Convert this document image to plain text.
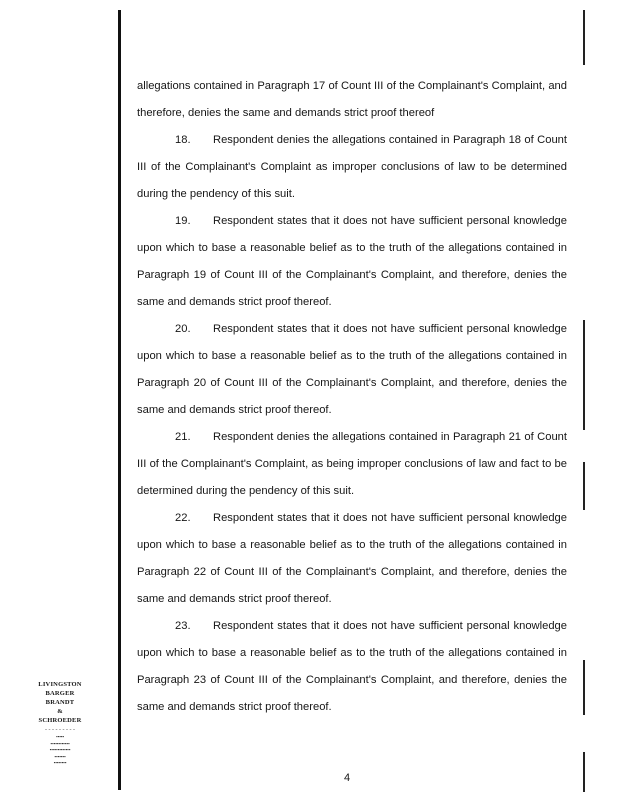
allegations contained in Paragraph 17 of Count III of the Complainant's Complaint, and therefore, denies the same and demands strict proof thereof

18. Respondent denies the allegations contained in Paragraph 18 of Count III of the Complainant's Complaint as improper conclusions of law to be determined during the pendency of this suit.

19. Respondent states that it does not have sufficient personal knowledge upon which to base a reasonable belief as to the truth of the allegations contained in Paragraph 19 of Count III of the Complainant's Complaint, and therefore, denies the same and demands strict proof thereof.

20. Respondent states that it does not have sufficient personal knowledge upon which to base a reasonable belief as to the truth of the allegations contained in Paragraph 20 of Count III of the Complainant's Complaint, and therefore, denies the same and demands strict proof thereof.

21. Respondent denies the allegations contained in Paragraph 21 of Count III of the Complainant's Complaint, as being improper conclusions of law and fact to be determined during the pendency of this suit.

22. Respondent states that it does not have sufficient personal knowledge upon which to base a reasonable belief as to the truth of the allegations contained in Paragraph 22 of Count III of the Complainant's Complaint, and therefore, denies the same and demands strict proof thereof.

23. Respondent states that it does not have sufficient personal knowledge upon which to base a reasonable belief as to the truth of the allegations contained in Paragraph 23 of Count III of the Complainant's Complaint, and therefore, denies the same and demands strict proof thereof.

LIVINGSTON
BARGER
BRANDT
&
SCHROEDER
- - - - - - - - -
▪▪▪▪▪
▪▪▪▪▪▪▪▪▪▪▪▪
▪▪▪▪▪▪▪▪▪▪▪▪▪
▪▪▪▪▪▪▪
▪▪▪▪▪▪▪▪
4
